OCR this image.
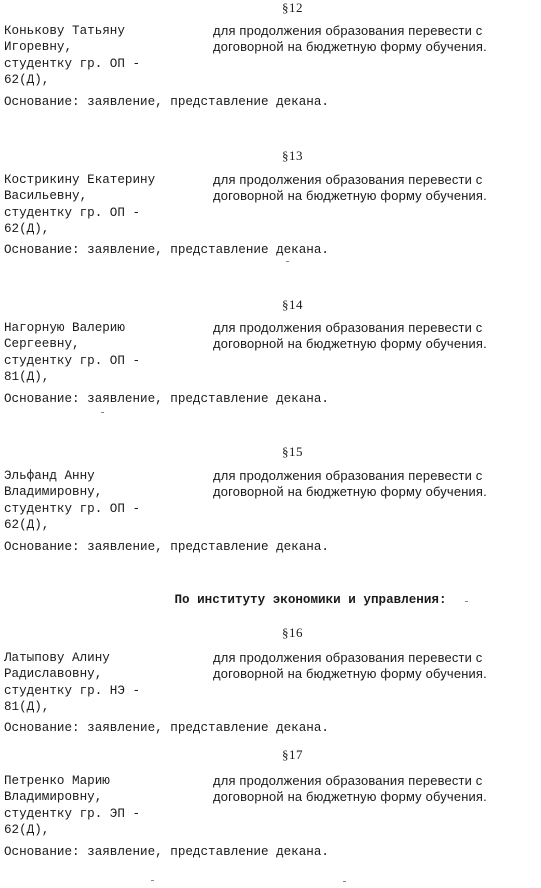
§12
Конькову Татьяну
Игоревну,
студентку гр. ОП -
62(Д),
для продолжения образования перевести с
договорной на бюджетную форму обучения.
Основание: заявление, представление декана.
§13
Кострикину Екатерину
Васильевну,
студентку гр. ОП -
62(Д),
для продолжения образования перевести с
договорной на бюджетную форму обучения.
Основание: заявление, представление декана.
§14
Нагорную Валерию
Сергеевну,
студентку гр. ОП -
81(Д),
для продолжения образования перевести с
договорной на бюджетную форму обучения.
Основание: заявление, представление декана.
§15
Эльфанд Анну
Владимировну,
студентку гр. ОП -
62(Д),
для продолжения образования перевести с
договорной на бюджетную форму обучения.
Основание: заявление, представление декана.
По институту экономики и управления:
§16
Латыпову Алину
Радиславовну,
студентку гр. НЭ -
81(Д),
для продолжения образования перевести с
договорной на бюджетную форму обучения.
Основание: заявление, представление декана.
§17
Петренко Марию
Владимировну,
студентку гр. ЭП -
62(Д),
для продолжения образования перевести с
договорной на бюджетную форму обучения.
Основание: заявление, представление декана.
